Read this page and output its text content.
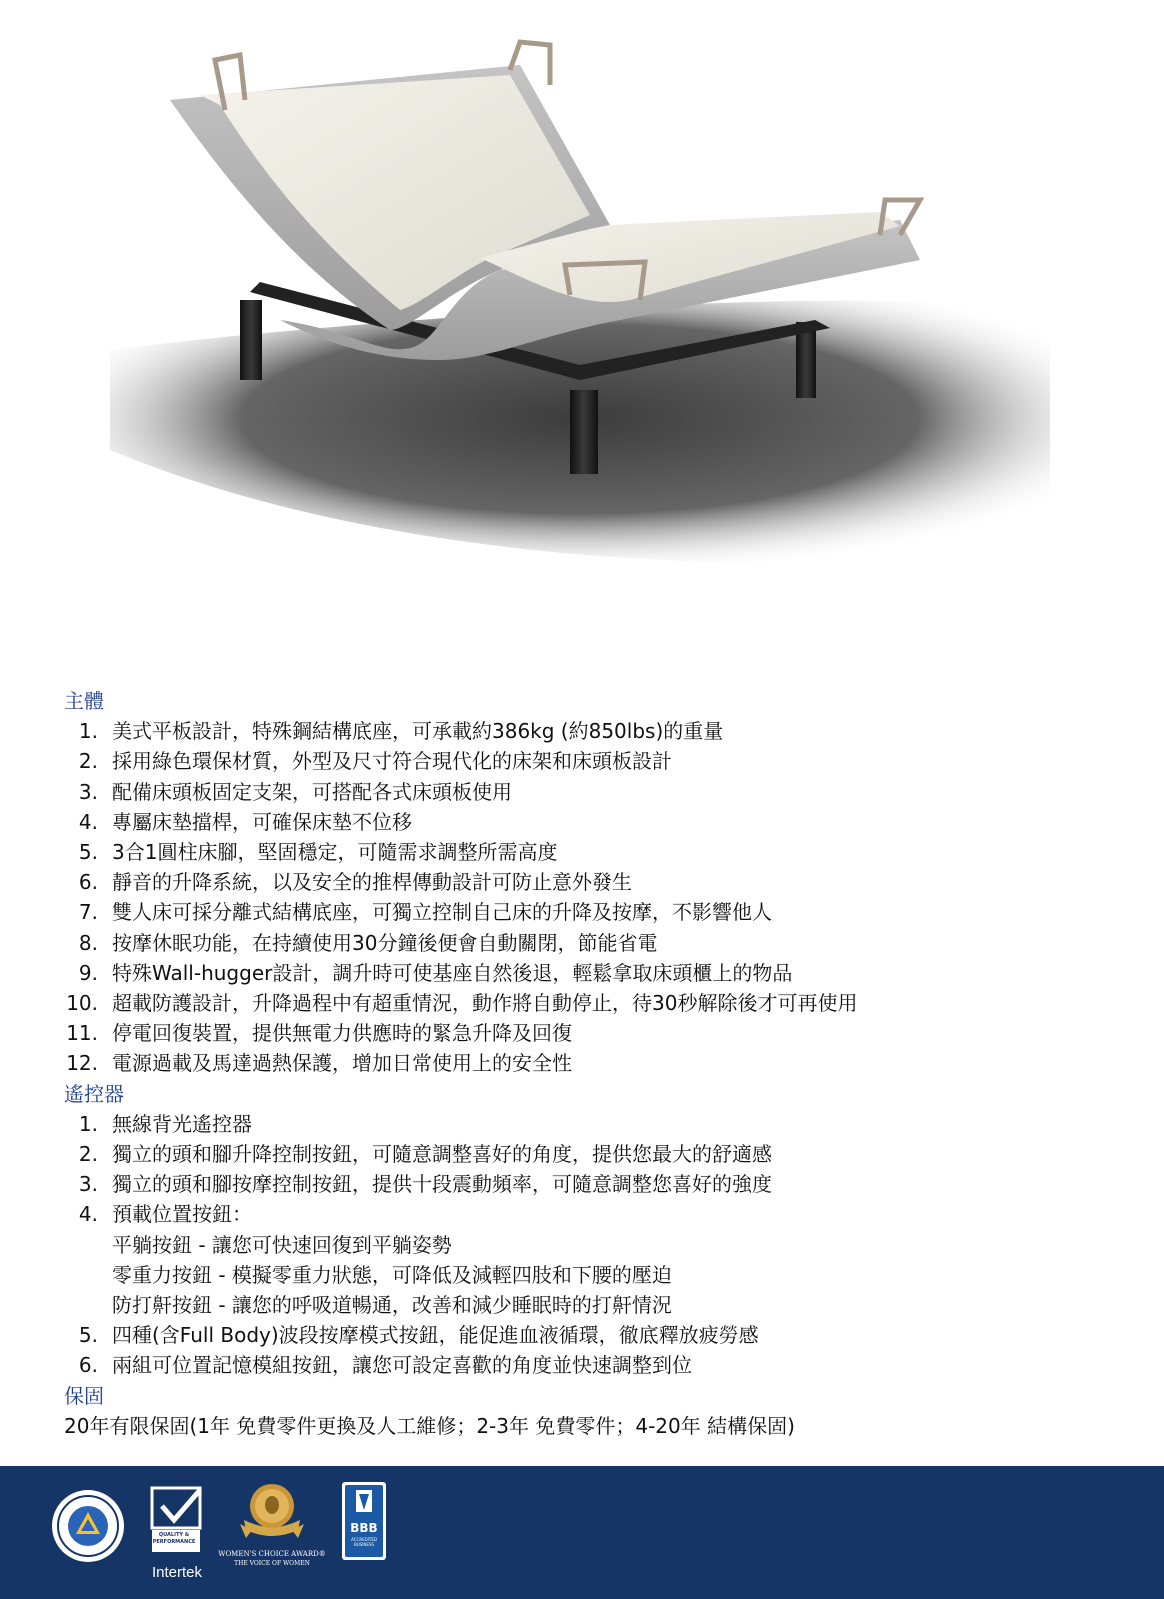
主體
1. 美式平板設計，特殊鋼結構底座，可承載約386kg (約850lbs)的重量
2. 採用綠色環保材質，外型及尺寸符合現代化的床架和床頭板設計
3. 配備床頭板固定支架，可搭配各式床頭板使用
4. 專屬床墊擋桿，可確保床墊不位移
5. 3合1圓柱床腳，堅固穩定，可隨需求調整所需高度
6. 靜音的升降系統，以及安全的推桿傳動設計可防止意外發生
7. 雙人床可採分離式結構底座，可獨立控制自己床的升降及按摩，不影響他人
8. 按摩休眠功能，在持續使用30分鐘後便會自動關閉，節能省電
9. 特殊Wall-hugger設計，調升時可使基座自然後退，輕鬆拿取床頭櫃上的物品
10. 超載防護設計，升降過程中有超重情況，動作將自動停止，待30秒解除後才可再使用
11. 停電回復裝置，提供無電力供應時的緊急升降及回復
12. 電源過載及馬達過熱保護，增加日常使用上的安全性
遙控器
1. 無線背光遙控器
2. 獨立的頭和腳升降控制按鈕，可隨意調整喜好的角度，提供您最大的舒適感
3. 獨立的頭和腳按摩控制按鈕，提供十段震動頻率，可隨意調整您喜好的強度
4. 預載位置按鈕：
平躺按鈕 - 讓您可快速回復到平躺姿勢
零重力按鈕 - 模擬零重力狀態，可降低及減輕四肢和下腰的壓迫
防打鼾按鈕 - 讓您的呼吸道暢通，改善和減少睡眠時的打鼾情況
5. 四種(含Full Body)波段按摩模式按鈕，能促進血液循環，徹底釋放疲勞感
6. 兩組可位置記憶模組按鈕，讓您可設定喜歡的角度並快速調整到位
保固
20年有限保固(1年 免費零件更換及人工維修；2-3年 免費零件；4-20年 結構保固)
Intertek
QUALITY & PERFORMANCE
WOMEN'S CHOICE AWARD®
THE VOICE OF WOMEN
BBB
ACCREDITED BUSINESS
